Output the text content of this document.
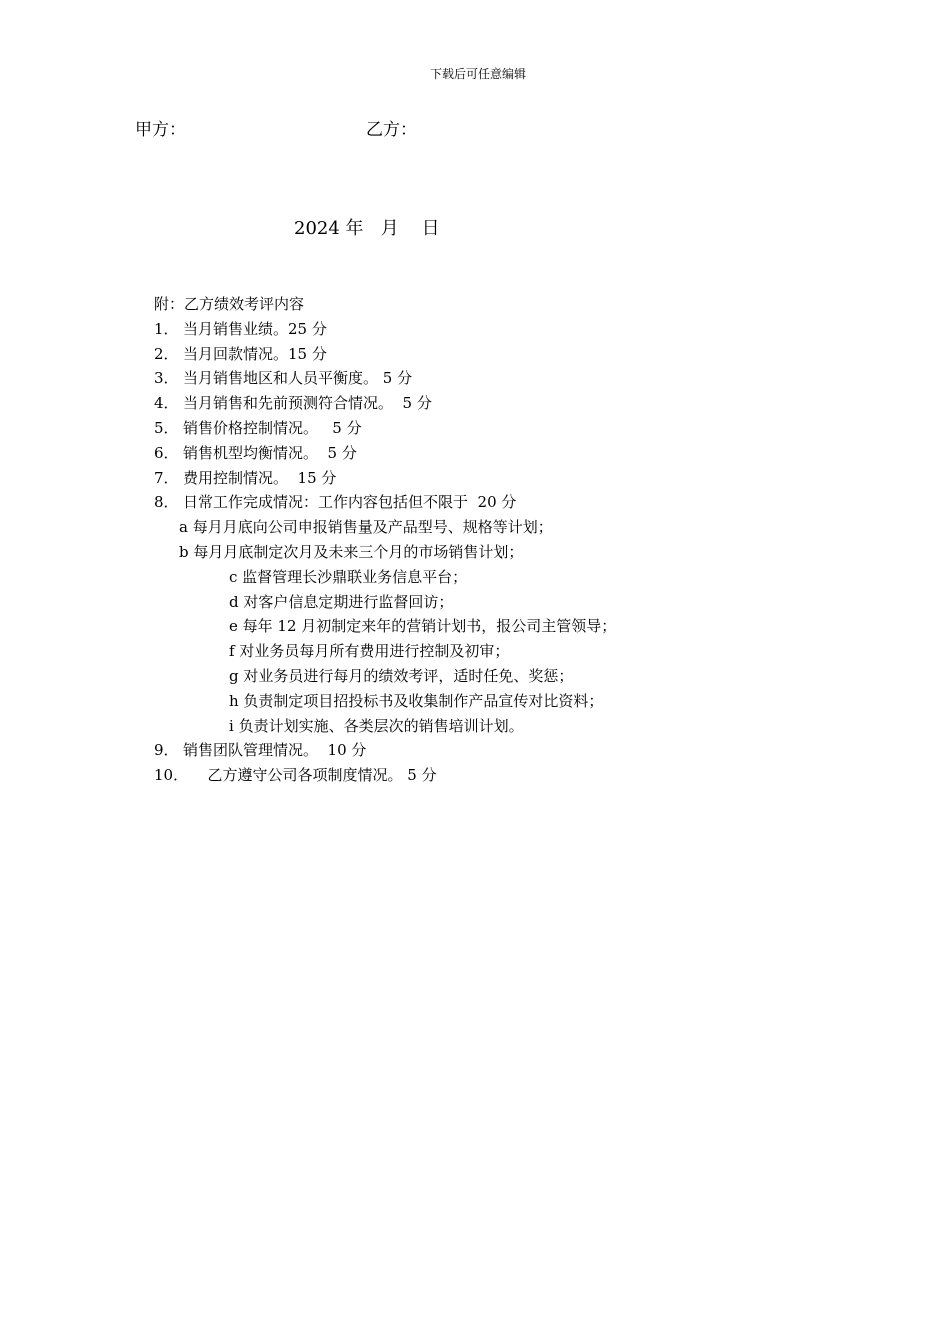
下载后可任意编辑
甲方：	乙方：
2024 年   月    日
附：乙方绩效考评内容
1． 当月销售业绩。25 分
2． 当月回款情况。15 分
3． 当月销售地区和人员平衡度。 5 分
4． 当月销售和先前预测符合情况。  5 分
5． 销售价格控制情况。   5 分
6． 销售机型均衡情况。  5 分
7． 费用控制情况。  15 分
8． 日常工作完成情况：工作内容包括但不限于  20 分
a 每月月底向公司申报销售量及产品型号、规格等计划；
b 每月月底制定次月及未来三个月的市场销售计划；
c 监督管理长沙鼎联业务信息平台；
d 对客户信息定期进行监督回访；
e 每年 12 月初制定来年的营销计划书，报公司主管领导；
f 对业务员每月所有费用进行控制及初审；
g 对业务员进行每月的绩效考评，适时任免、奖惩；
h 负责制定项目招投标书及收集制作产品宣传对比资料；
i 负责计划实施、各类层次的销售培训计划。
9． 销售团队管理情况。  10 分
10．  乙方遵守公司各项制度情况。 5 分
